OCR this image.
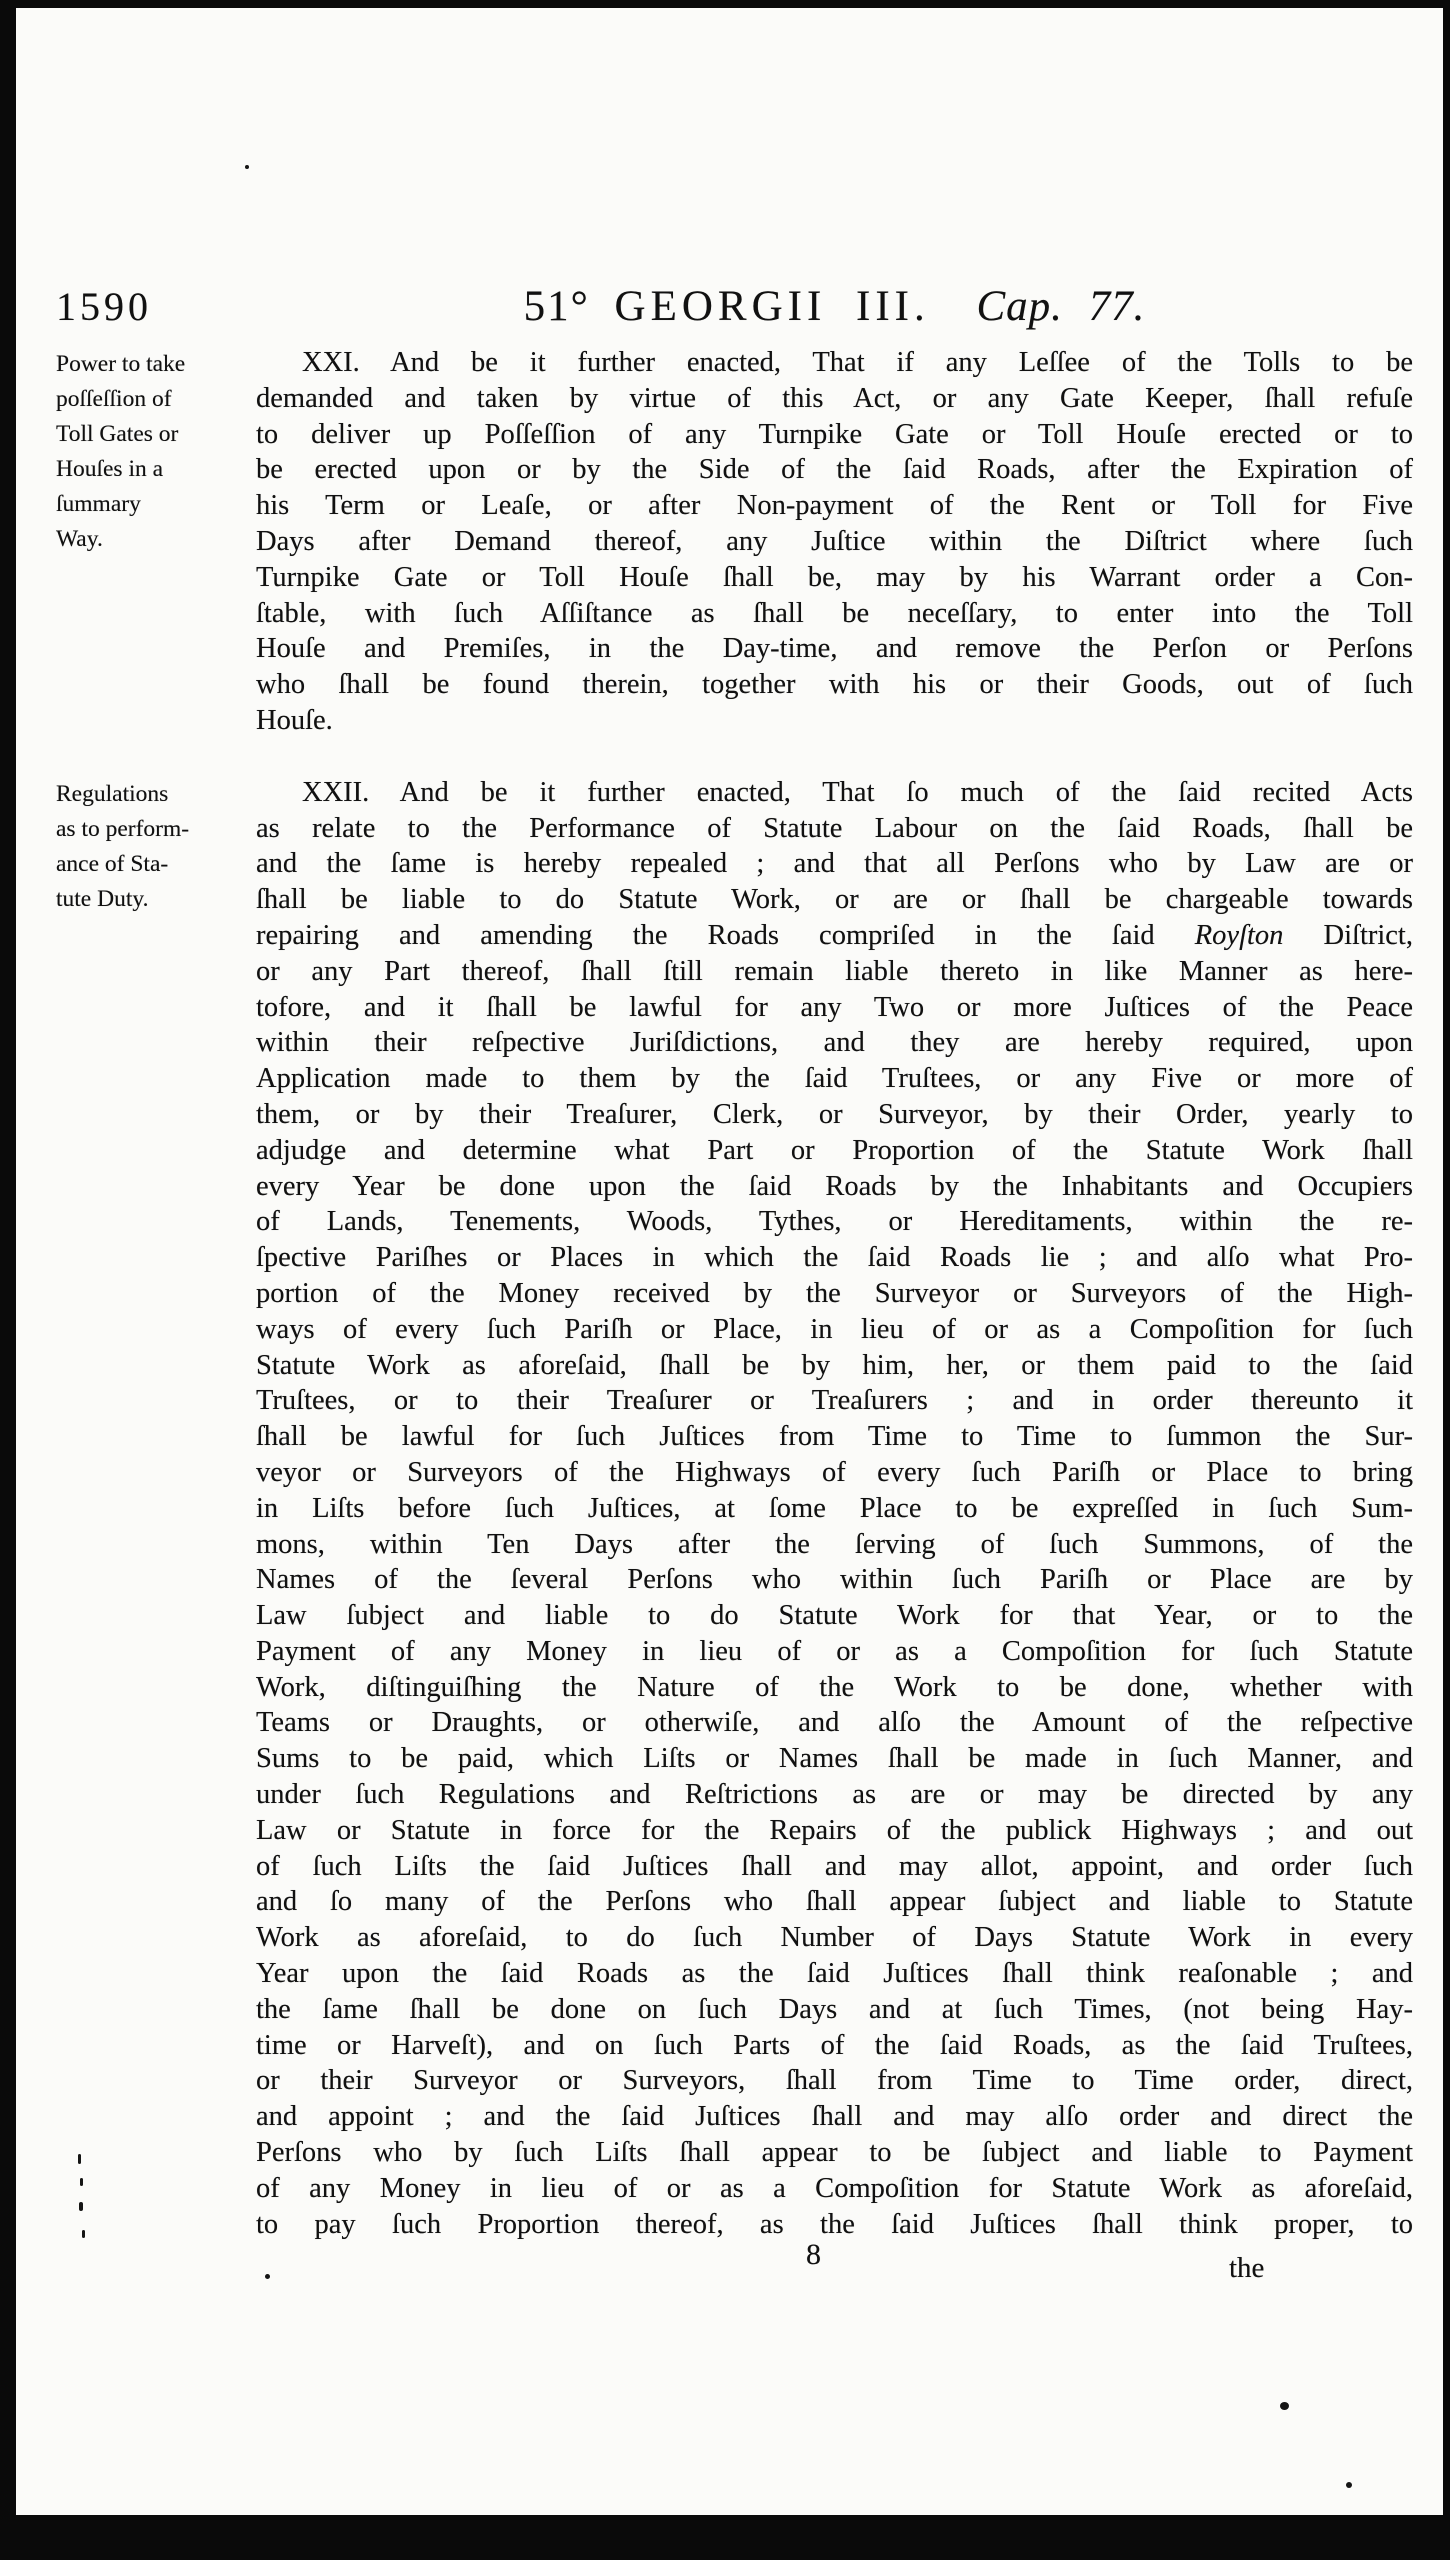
1590	51° GEORGII III. Cap. 77.
Power to take
poſſeſſion of
Toll Gates or
Houſes in a
ſummary
Way.
XXI. And be it further enacted, That if any Leſſee of the Tolls to be
demanded and taken by virtue of this Act, or any Gate Keeper, ſhall refuſe
to deliver up Poſſeſſion of any Turnpike Gate or Toll Houſe erected or to
be erected upon or by the Side of the ſaid Roads, after the Expiration of
his Term or Leaſe, or after Non-payment of the Rent or Toll for Five
Days after Demand thereof, any Juſtice within the Diſtrict where ſuch
Turnpike Gate or Toll Houſe ſhall be, may by his Warrant order a Con-
ſtable, with ſuch Aſſiſtance as ſhall be neceſſary, to enter into the Toll
Houſe and Premiſes, in the Day-time, and remove the Perſon or Perſons
who ſhall be found therein, together with his or their Goods, out of ſuch
Houſe.
Regulations
as to perform-
ance of Sta-
tute Duty.
XXII. And be it further enacted, That ſo much of the ſaid recited Acts
as relate to the Performance of Statute Labour on the ſaid Roads, ſhall be
and the ſame is hereby repealed ; and that all Perſons who by Law are or
ſhall be liable to do Statute Work, or are or ſhall be chargeable towards
repairing and amending the Roads compriſed in the ſaid Royſton Diſtrict,
or any Part thereof, ſhall ſtill remain liable thereto in like Manner as here-
tofore, and it ſhall be lawful for any Two or more Juſtices of the Peace
within their reſpective Juriſdictions, and they are hereby required, upon
Application made to them by the ſaid Truſtees, or any Five or more of
them, or by their Treaſurer, Clerk, or Surveyor, by their Order, yearly to
adjudge and determine what Part or Proportion of the Statute Work ſhall
every Year be done upon the ſaid Roads by the Inhabitants and Occupiers
of Lands, Tenements, Woods, Tythes, or Hereditaments, within the re-
ſpective Pariſhes or Places in which the ſaid Roads lie ; and alſo what Pro-
portion of the Money received by the Surveyor or Surveyors of the High-
ways of every ſuch Pariſh or Place, in lieu of or as a Compoſition for ſuch
Statute Work as aforeſaid, ſhall be by him, her, or them paid to the ſaid
Truſtees, or to their Treaſurer or Treaſurers ; and in order thereunto it
ſhall be lawful for ſuch Juſtices from Time to Time to ſummon the Sur-
veyor or Surveyors of the Highways of every ſuch Pariſh or Place to bring
in Liſts before ſuch Juſtices, at ſome Place to be expreſſed in ſuch Sum-
mons, within Ten Days after the ſerving of ſuch Summons, of the
Names of the ſeveral Perſons who within ſuch Pariſh or Place are by
Law ſubject and liable to do Statute Work for that Year, or to the
Payment of any Money in lieu of or as a Compoſition for ſuch Statute
Work, diſtinguiſhing the Nature of the Work to be done, whether with
Teams or Draughts, or otherwiſe, and alſo the Amount of the reſpective
Sums to be paid, which Liſts or Names ſhall be made in ſuch Manner, and
under ſuch Regulations and Reſtrictions as are or may be directed by any
Law or Statute in force for the Repairs of the publick Highways ; and out
of ſuch Liſts the ſaid Juſtices ſhall and may allot, appoint, and order ſuch
and ſo many of the Perſons who ſhall appear ſubject and liable to Statute
Work as aforeſaid, to do ſuch Number of Days Statute Work in every
Year upon the ſaid Roads as the ſaid Juſtices ſhall think reaſonable ; and
the ſame ſhall be done on ſuch Days and at ſuch Times, (not being Hay-
time or Harveſt), and on ſuch Parts of the ſaid Roads, as the ſaid Truſtees,
or their Surveyor or Surveyors, ſhall from Time to Time order, direct,
and appoint ; and the ſaid Juſtices ſhall and may alſo order and direct the
Perſons who by ſuch Liſts ſhall appear to be ſubject and liable to Payment
of any Money in lieu of or as a Compoſition for Statute Work as aforeſaid,
to pay ſuch Proportion thereof, as the ſaid Juſtices ſhall think proper, to
8	the
